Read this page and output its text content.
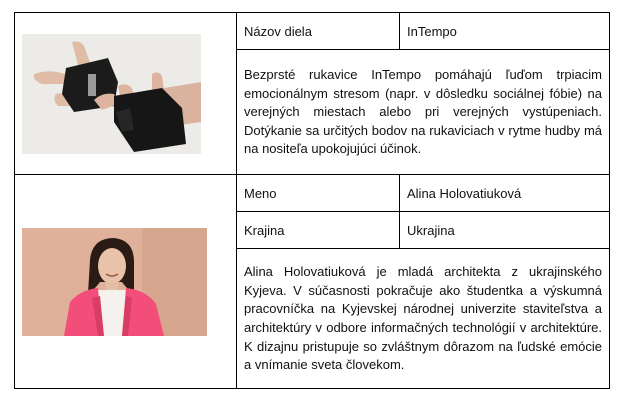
	Názov diela	InTempo
	Bezprsté rukavice InTempo pomáhajú ľuďom trpiacim emocionálnym stresom (napr. v dôsledku sociálnej fóbie) na verejných miestach alebo pri verejných vystúpeniach. Dotýkanie sa určitých bodov na rukaviciach v rytme hudby má na nositeľa upokojujúci účinok.	

	Meno	Alina Holovatiuková
	Krajina	Ukrajina
	Alina Holovatiuková je mladá architekta z ukrajinského Kyjeva. V súčasnosti pokračuje ako študentka a výskumná pracovníčka na Kyjevskej národnej univerzite staviteľstva a architektúry v odbore informačných technológií v architektúre. K dizajnu pristupuje so zvláštnym dôrazom na ľudské emócie a vnímanie sveta človekom.	
